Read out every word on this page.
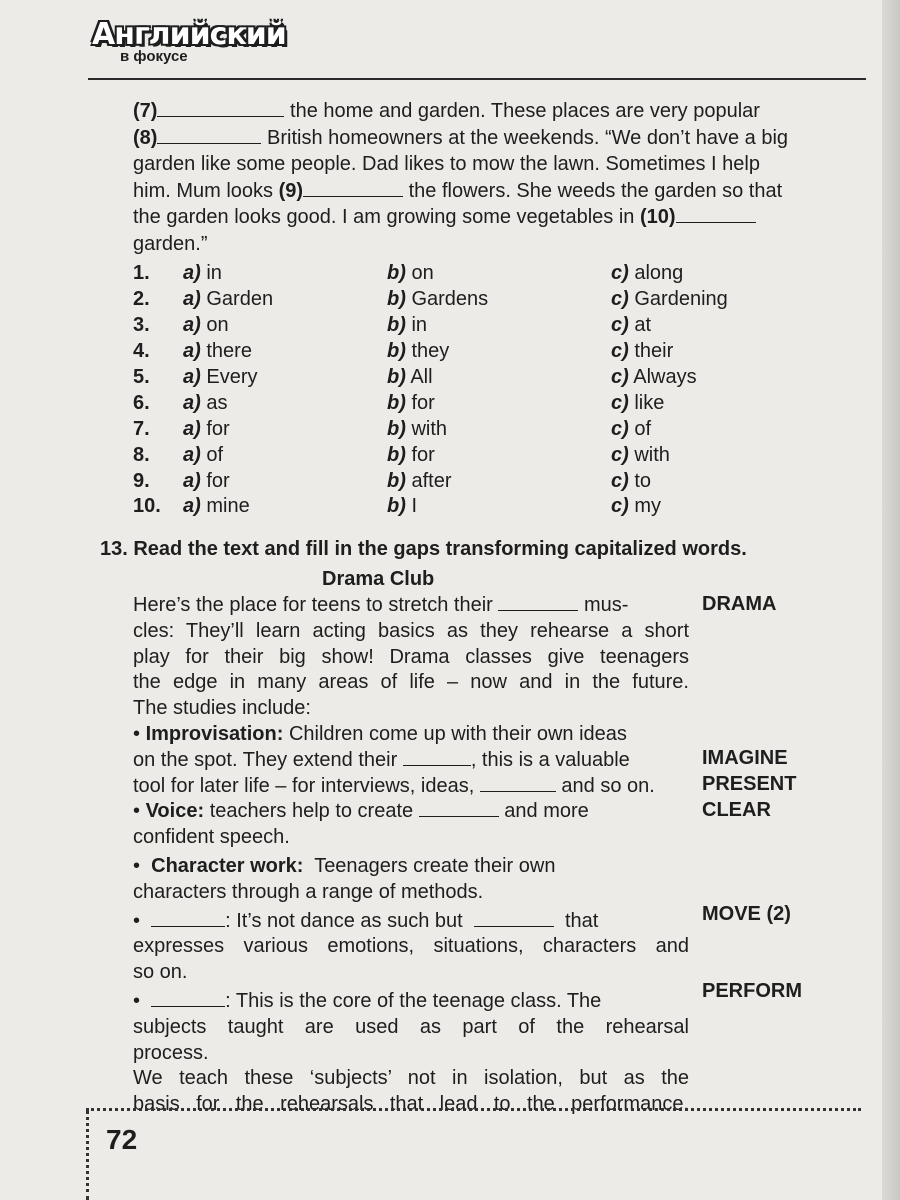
Английский
в фокусе

(7)	the home and garden. These places are very popular
(8)	British homeowners at the weekends. “We don’t have a big
garden like some people. Dad likes to mow the lawn. Sometimes I help
him. Mum looks (9)	the flowers. She weeds the garden so that
the garden looks good. I am growing some vegetables in (10)
garden.”

1.	a) in	b) on	c) along
2.	a) Garden	b) Gardens	c) Gardening
3.	a) on	b) in	c) at
4.	a) there	b) they	c) their
5.	a) Every	b) All	c) Always
6.	a) as	b) for	c) like
7.	a) for	b) with	c) of
8.	a) of	b) for	c) with
9.	a) for	b) after	c) to
10.	a) mine	b) I	c) my
13. Read the text and fill in the gaps transforming capitalized words.
Drama Club
Here’s the place for teens to stretch their	mus-
cles: They’ll learn acting basics as they rehearse a short
play for their big show! Drama classes give teenagers
the edge in many areas of life – now and in the future.
The studies include:
• Improvisation: Children come up with their own ideas
on the spot. They extend their	, this is a valuable
tool for later life – for interviews, ideas,	and so on.
• Voice: teachers help to create	and more
confident speech.
• Character work: Teenagers create their own
characters through a range of methods.
•	: It’s not dance as such but	that
expresses various emotions, situations, characters and
so on.
•	: This is the core of the teenage class. The
subjects taught are used as part of the rehearsal
process.
We teach these ‘subjects’ not in isolation, but as the
basis for the rehearsals that lead to the performance.
DRAMA
IMAGINE
PRESENT
CLEAR
MOVE (2)
PERFORM
72
